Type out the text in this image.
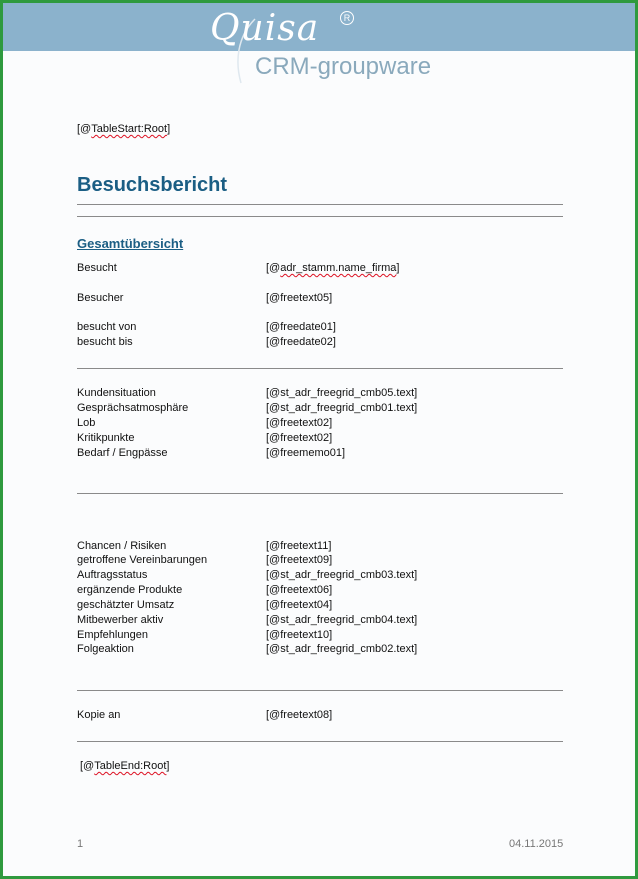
Quisa	R
CRM-groupware
[@TableStart:Root]
Besuchsbericht
Gesamtübersicht
Besucht	[@adr_stamm.name_firma]
Besucher	[@freetext05]
besucht von	[@freedate01]
besucht bis	[@freedate02]
Kundensituation	[@st_adr_freegrid_cmb05.text]
Gesprächsatmosphäre	[@st_adr_freegrid_cmb01.text]
Lob	[@freetext02]
Kritikpunkte	[@freetext02]
Bedarf / Engpässe	[@freememo01]
Chancen / Risiken	[@freetext11]
getroffene Vereinbarungen	[@freetext09]
Auftragsstatus	[@st_adr_freegrid_cmb03.text]
ergänzende Produkte	[@freetext06]
geschätzter Umsatz	[@freetext04]
Mitbewerber aktiv	[@st_adr_freegrid_cmb04.text]
Empfehlungen	[@freetext10]
Folgeaktion	[@st_adr_freegrid_cmb02.text]
Kopie an	[@freetext08]
[@TableEnd:Root]
1	04.11.2015
